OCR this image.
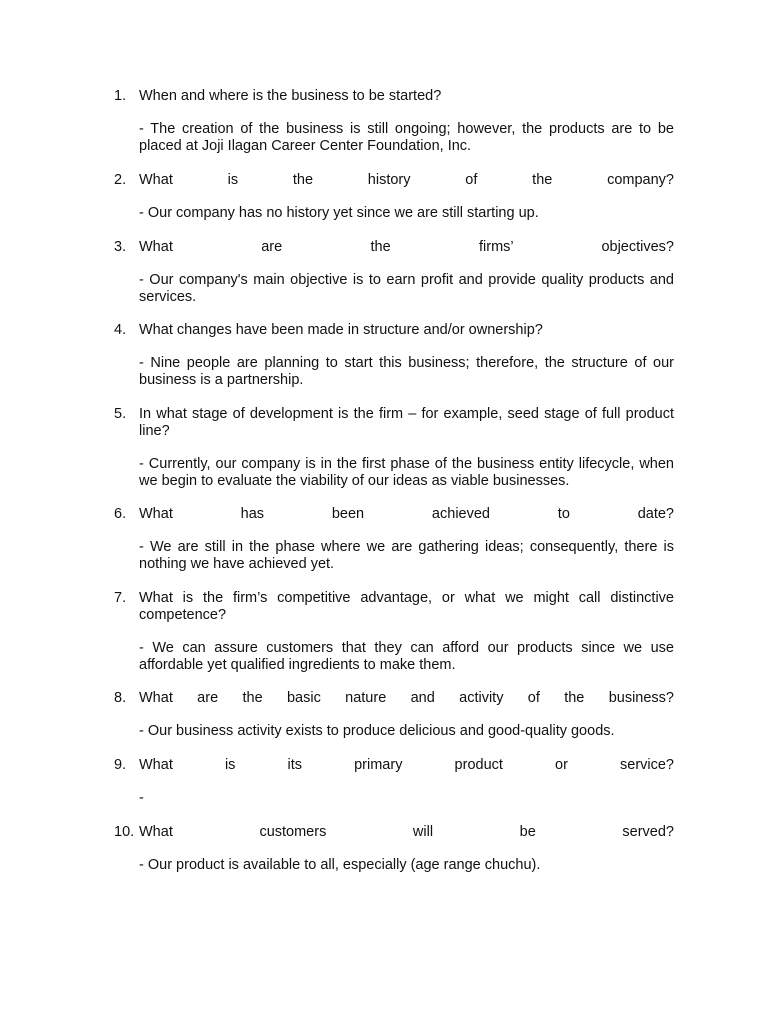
1. When and where is the business to be started?
- The creation of the business is still ongoing; however, the products are to be placed at Joji Ilagan Career Center Foundation, Inc.
2. What is the history of the company?
- Our company has no history yet since we are still starting up.
3. What are the firms’ objectives?
- Our company's main objective is to earn profit and provide quality products and services.
4. What changes have been made in structure and/or ownership?
- Nine people are planning to start this business; therefore, the structure of our business is a partnership.
5. In what stage of development is the firm – for example, seed stage of full product line?
- Currently, our company is in the first phase of the business entity lifecycle, when we begin to evaluate the viability of our ideas as viable businesses.
6. What has been achieved to date?
- We are still in the phase where we are gathering ideas; consequently, there is nothing we have achieved yet.
7. What is the firm’s competitive advantage, or what we might call distinctive competence?
- We can assure customers that they can afford our products since we use affordable yet qualified ingredients to make them.
8. What are the basic nature and activity of the business?
- Our business activity exists to produce delicious and good-quality goods.
9. What is its primary product or service?
-
10. What customers will be served?
- Our product is available to all, especially (age range chuchu).
